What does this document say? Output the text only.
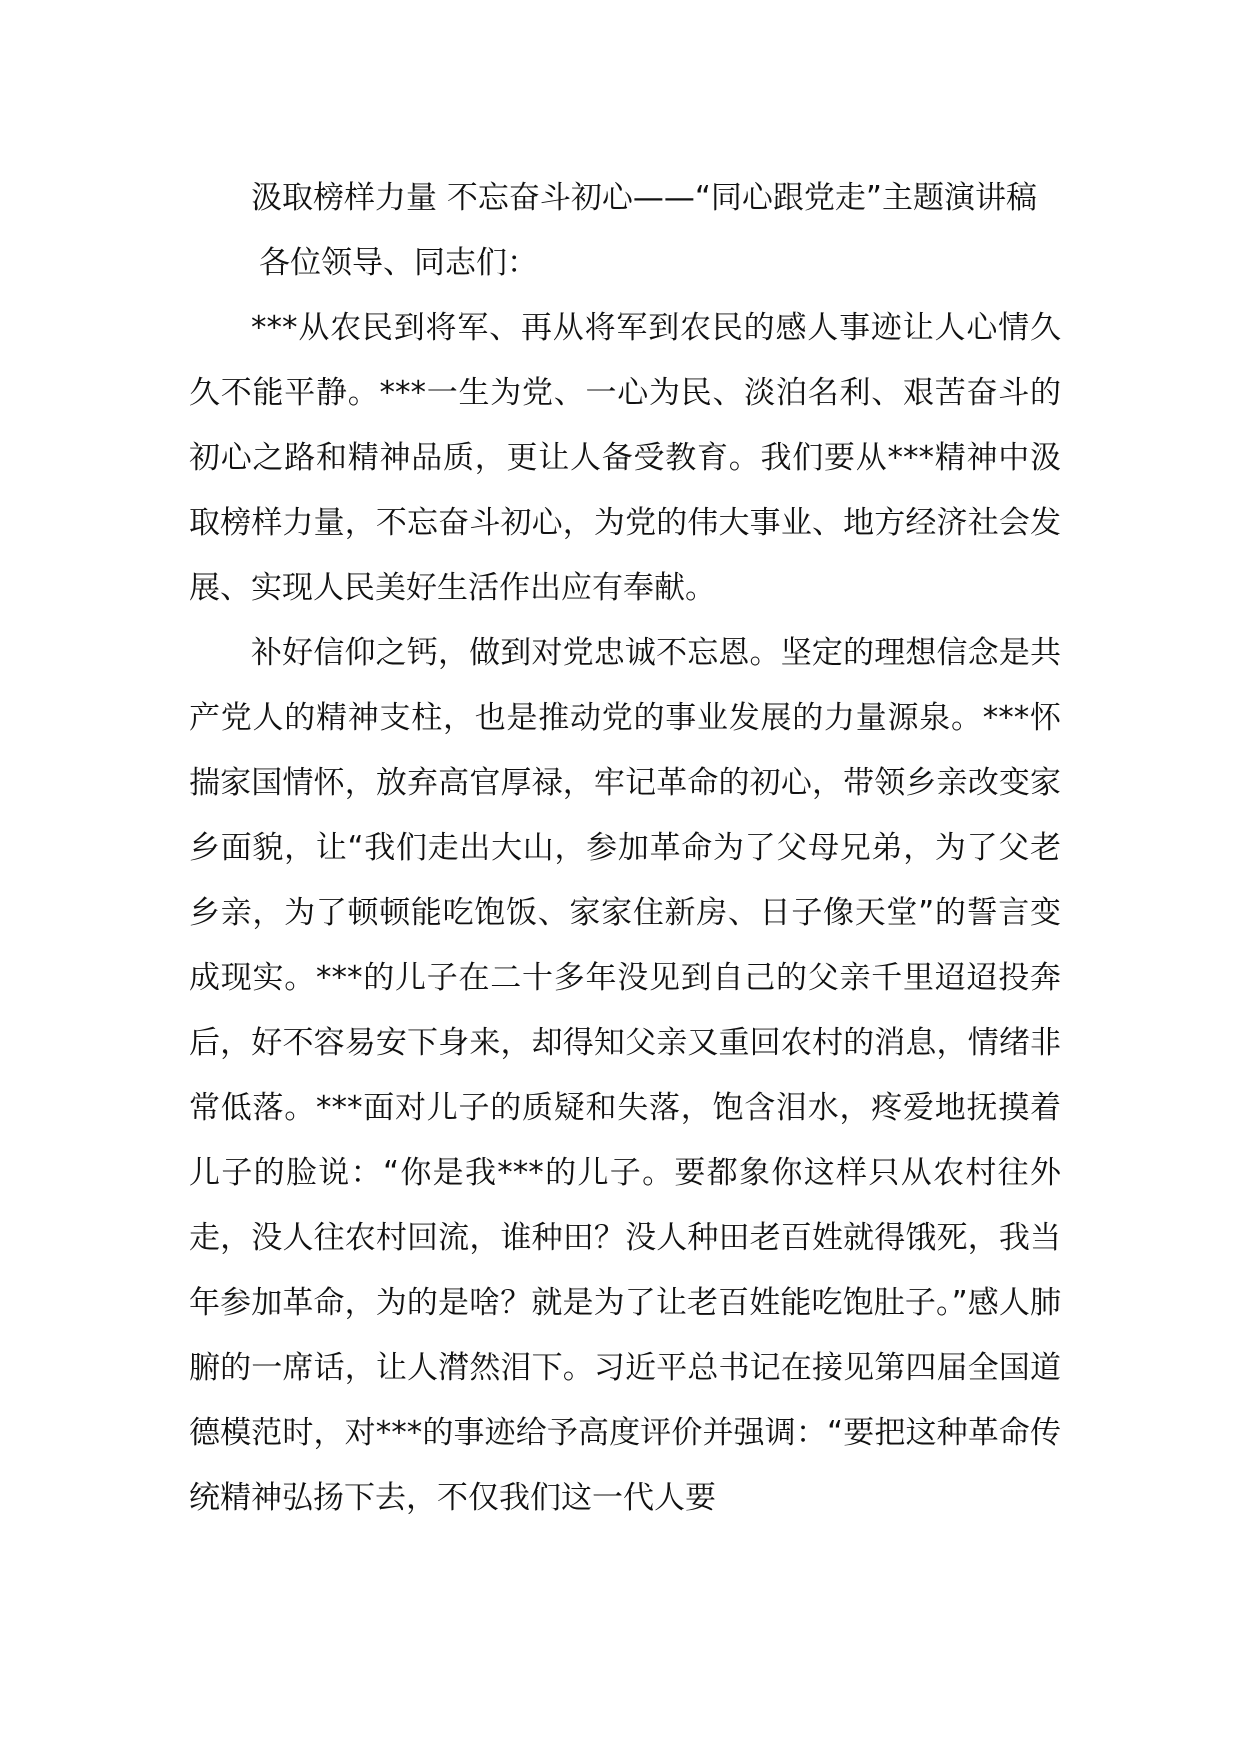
汲取榜样力量 不忘奋斗初心——“同心跟党走”主题演讲稿

各位领导、同志们：

***从农民到将军、再从将军到农民的感人事迹让人心情久久不能平静。***一生为党、一心为民、淡泊名利、艰苦奋斗的初心之路和精神品质，更让人备受教育。我们要从***精神中汲取榜样力量，不忘奋斗初心，为党的伟大事业、地方经济社会发展、实现人民美好生活作出应有奉献。

补好信仰之钙，做到对党忠诚不忘恩。坚定的理想信念是共产党人的精神支柱，也是推动党的事业发展的力量源泉。***怀揣家国情怀，放弃高官厚禄，牢记革命的初心，带领乡亲改变家乡面貌，让“我们走出大山，参加革命为了父母兄弟，为了父老乡亲，为了顿顿能吃饱饭、家家住新房、日子像天堂”的誓言变成现实。***的儿子在二十多年没见到自己的父亲千里迢迢投奔后，好不容易安下身来，却得知父亲又重回农村的消息，情绪非常低落。***面对儿子的质疑和失落，饱含泪水，疼爱地抚摸着儿子的脸说：“你是我***的儿子。要都象你这样只从农村往外走，没人往农村回流，谁种田？没人种田老百姓就得饿死，我当年参加革命，为的是啥？就是为了让老百姓能吃饱肚子。”感人肺腑的一席话，让人潸然泪下。习近平总书记在接见第四届全国道德模范时，对***的事迹给予高度评价并强调：“要把这种革命传统精神弘扬下去，不仅我们这一代人要
